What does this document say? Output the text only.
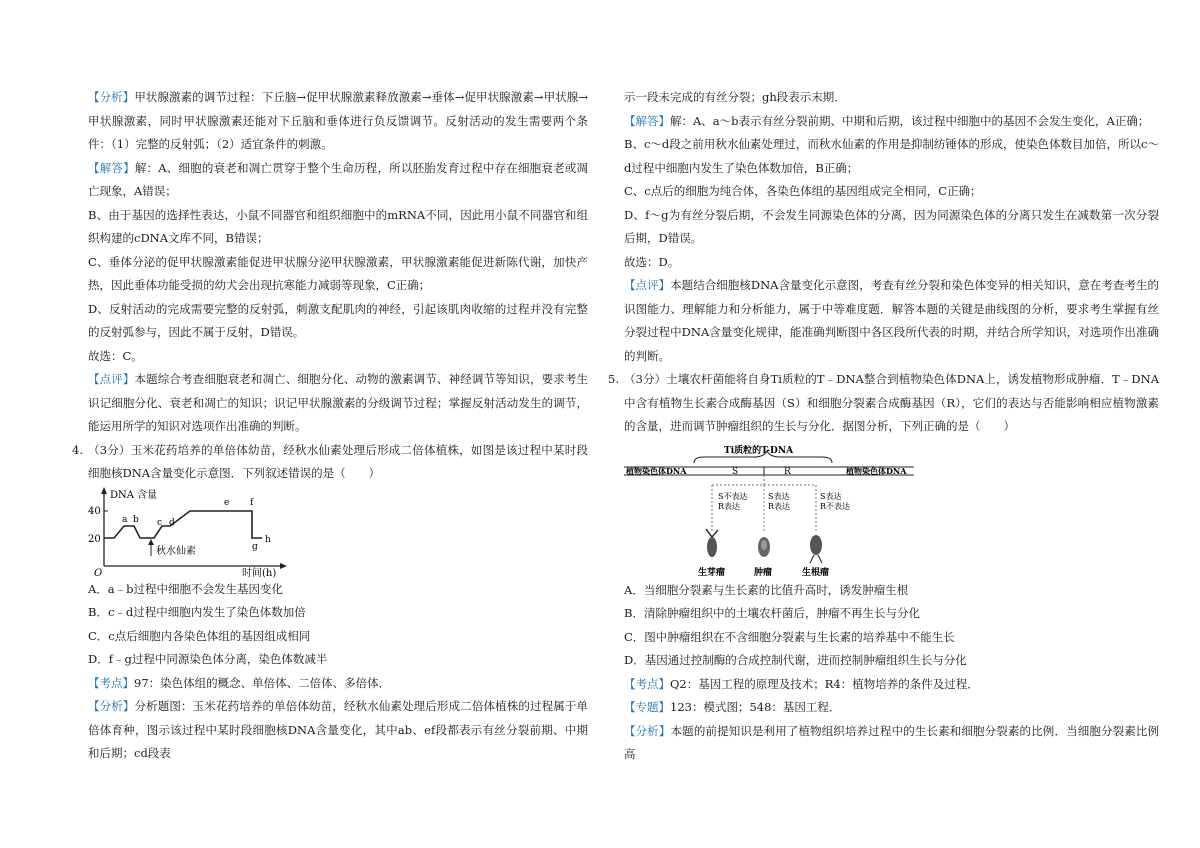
【分析】甲状腺激素的调节过程：下丘脑→促甲状腺激素释放激素→垂体→促甲状腺激素→甲状腺→甲状腺激素，同时甲状腺激素还能对下丘脑和垂体进行负反馈调节。反射活动的发生需要两个条件：（1）完整的反射弧；（2）适宜条件的刺激。

【解答】解：A、细胞的衰老和凋亡贯穿于整个生命历程，所以胚胎发育过程中存在细胞衰老或凋亡现象，A错误；

B、由于基因的选择性表达，小鼠不同器官和组织细胞中的mRNA不同，因此用小鼠不同器官和组织构建的cDNA文库不同，B错误；

C、垂体分泌的促甲状腺激素能促进甲状腺分泌甲状腺激素，甲状腺激素能促进新陈代谢，加快产热，因此垂体功能受损的幼犬会出现抗寒能力减弱等现象，C正确；

D、反射活动的完成需要完整的反射弧，刺激支配肌肉的神经，引起该肌肉收缩的过程并没有完整的反射弧参与，因此不属于反射，D错误。

故选：C。

【点评】本题综合考查细胞衰老和凋亡、细胞分化、动物的激素调节、神经调节等知识，要求考生识记细胞分化、衰老和凋亡的知识；识记甲状腺激素的分级调节过程；掌握反射活动发生的调节，能运用所学的知识对选项作出准确的判断。

4. （3分）玉米花药培养的单倍体幼苗，经秋水仙素处理后形成二倍体植株，如图是该过程中某时段细胞核DNA含量变化示意图．下列叙述错误的是（　　）

DNA 含量
时间(h)
O
40
20
a b c d
e f
g
h
秋水仙素

A．a﹣b过程中细胞不会发生基因变化

B．c﹣d过程中细胞内发生了染色体数加倍

C．c点后细胞内各染色体组的基因组成相同

D．f﹣g过程中同源染色体分离，染色体数减半

【考点】97：染色体组的概念、单倍体、二倍体、多倍体．

【分析】分析题图：玉米花药培养的单倍体幼苗，经秋水仙素处理后形成二倍体植株的过程属于单倍体育种，图示该过程中某时段细胞核DNA含量变化，其中ab、ef段都表示有丝分裂前期、中期和后期；cd段表

示一段未完成的有丝分裂；gh段表示末期．

【解答】解：A、a～b表示有丝分裂前期、中期和后期，该过程中细胞中的基因不会发生变化，A正确；

B、c～d段之前用秋水仙素处理过，而秋水仙素的作用是抑制纺锤体的形成，使染色体数目加倍，所以c～d过程中细胞内发生了染色体数加倍，B正确；

C、c点后的细胞为纯合体，各染色体组的基因组成完全相同，C正确；

D、f～g为有丝分裂后期，不会发生同源染色体的分离，因为同源染色体的分离只发生在减数第一次分裂后期，D错误。

故选：D。

【点评】本题结合细胞核DNA含量变化示意图，考查有丝分裂和染色体变异的相关知识，意在考查考生的识图能力、理解能力和分析能力，属于中等难度题．解答本题的关键是曲线图的分析，要求考生掌握有丝分裂过程中DNA含量变化规律，能准确判断图中各区段所代表的时期，并结合所学知识，对选项作出准确的判断。

5. （3分）土壤农杆菌能将自身Ti质粒的T﹣DNA整合到植物染色体DNA上，诱发植物形成肿瘤．T﹣DNA中含有植物生长素合成酶基因（S）和细胞分裂素合成酶基因（R），它们的表达与否能影响相应植物激素的含量，进而调节肿瘤组织的生长与分化．据图分析，下列正确的是（　　）

Ti质粒的T-DNA
植物染色体DNA	植物染色体DNA
S	R
S不表达
R表达
S表达
R表达
S表达
R不表达
生芽瘤	肿瘤	生根瘤

A．当细胞分裂素与生长素的比值升高时，诱发肿瘤生根

B．清除肿瘤组织中的土壤农杆菌后，肿瘤不再生长与分化

C．图中肿瘤组织在不含细胞分裂素与生长素的培养基中不能生长

D．基因通过控制酶的合成控制代谢，进而控制肿瘤组织生长与分化

【考点】Q2：基因工程的原理及技术；R4：植物培养的条件及过程．

【专题】123：模式图；548：基因工程．

【分析】本题的前提知识是利用了植物组织培养过程中的生长素和细胞分裂素的比例．当细胞分裂素比例高
